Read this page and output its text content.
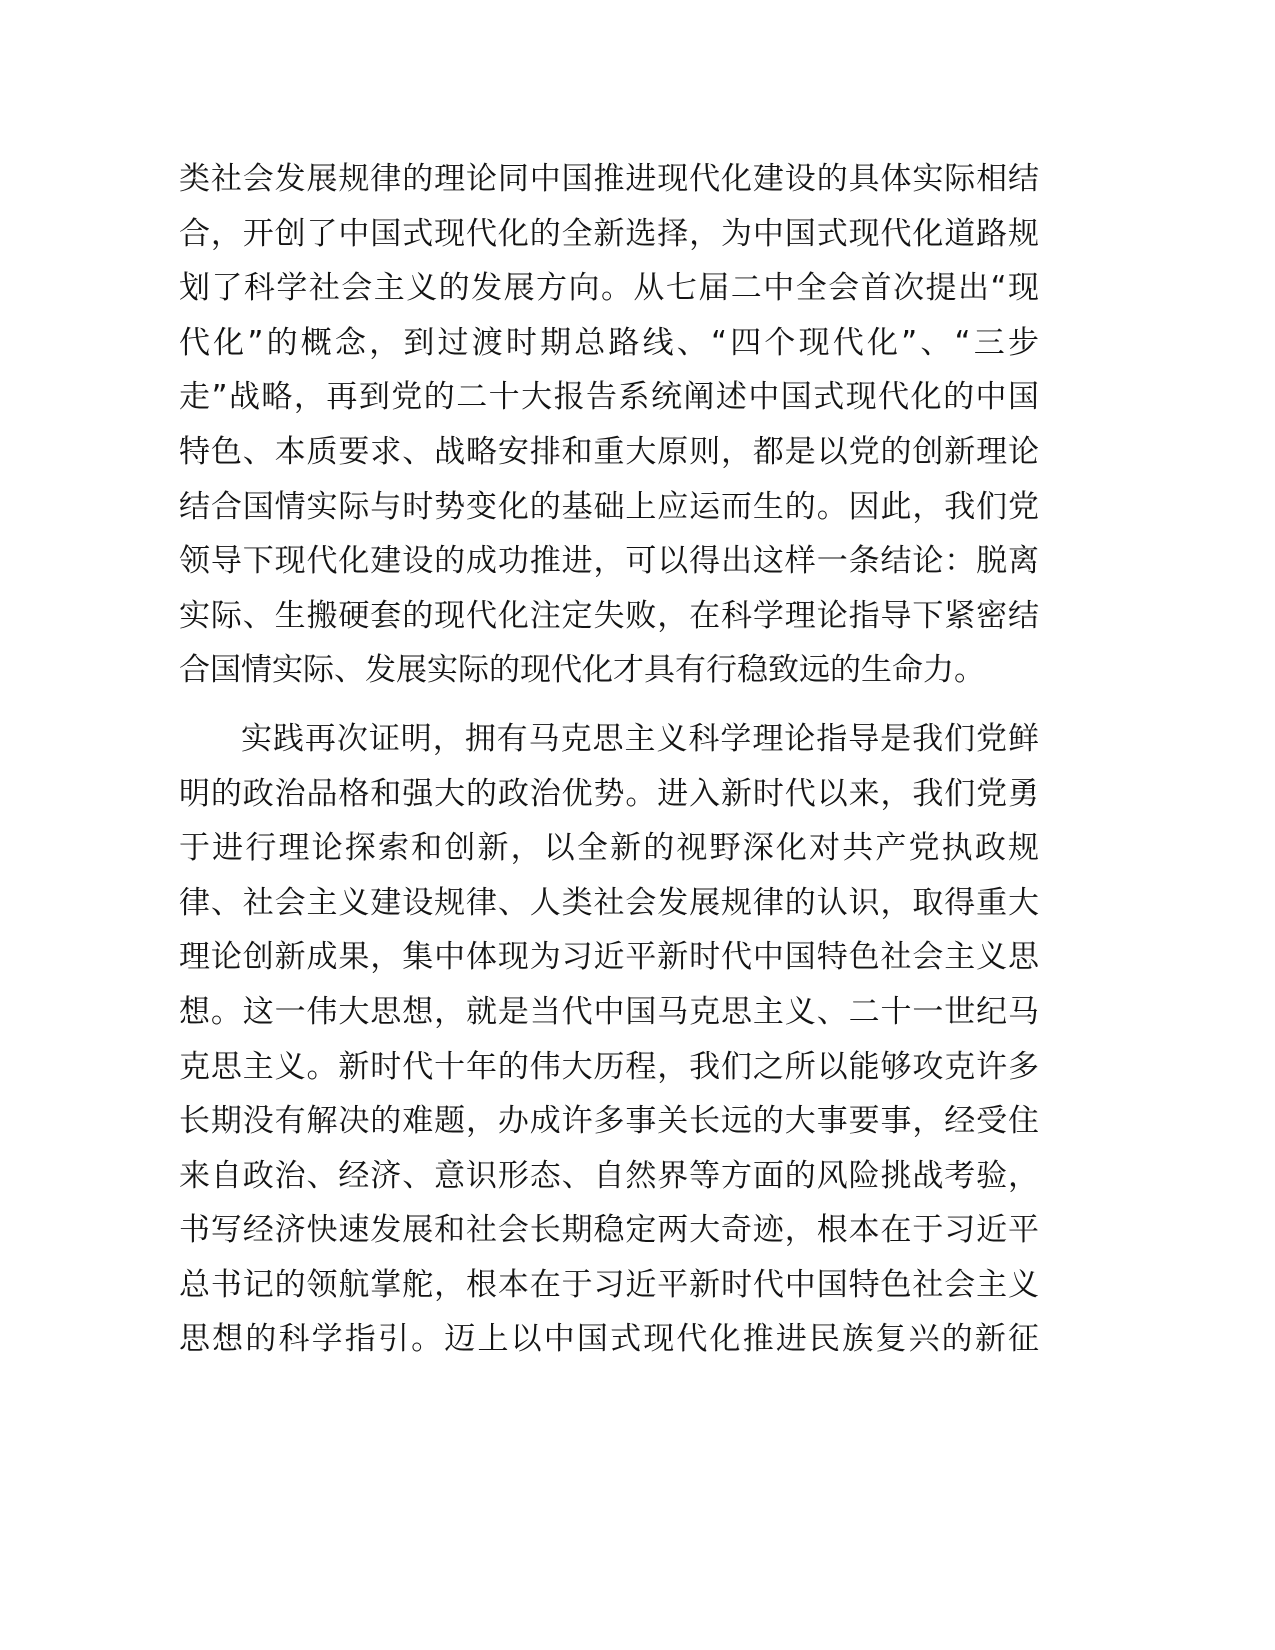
类社会发展规律的理论同中国推进现代化建设的具体实际相结
合，开创了中国式现代化的全新选择，为中国式现代化道路规
划了科学社会主义的发展方向。从七届二中全会首次提出“现
代化”的概念，到过渡时期总路线、“四个现代化”、“三步
走”战略，再到党的二十大报告系统阐述中国式现代化的中国
特色、本质要求、战略安排和重大原则，都是以党的创新理论
结合国情实际与时势变化的基础上应运而生的。因此，我们党
领导下现代化建设的成功推进，可以得出这样一条结论：脱离
实际、生搬硬套的现代化注定失败，在科学理论指导下紧密结
合国情实际、发展实际的现代化才具有行稳致远的生命力。
实践再次证明，拥有马克思主义科学理论指导是我们党鲜
明的政治品格和强大的政治优势。进入新时代以来，我们党勇
于进行理论探索和创新，以全新的视野深化对共产党执政规
律、社会主义建设规律、人类社会发展规律的认识，取得重大
理论创新成果，集中体现为习近平新时代中国特色社会主义思
想。这一伟大思想，就是当代中国马克思主义、二十一世纪马
克思主义。新时代十年的伟大历程，我们之所以能够攻克许多
长期没有解决的难题，办成许多事关长远的大事要事，经受住
来自政治、经济、意识形态、自然界等方面的风险挑战考验，
书写经济快速发展和社会长期稳定两大奇迹，根本在于习近平
总书记的领航掌舵，根本在于习近平新时代中国特色社会主义
思想的科学指引。迈上以中国式现代化推进民族复兴的新征
